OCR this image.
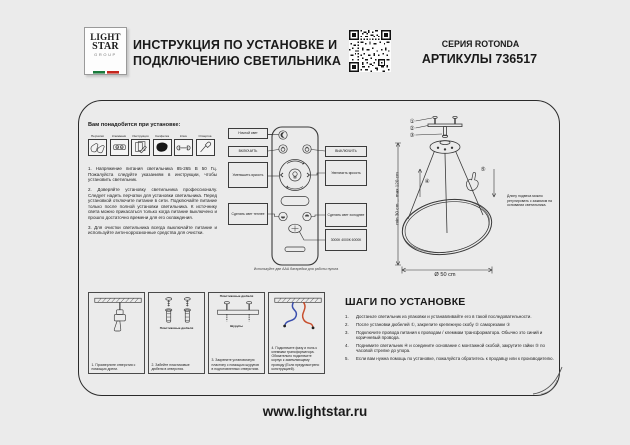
LIGHT
STAR
GROUP
ИНСТРУКЦИЯ ПО УСТАНОВКЕ И
ПОДКЛЮЧЕНИЮ СВЕТИЛЬНИКА
СЕРИЯ ROTONDA
АРТИКУЛЫ 736517
Вам понадобится при установке:
Перчатки	Клеммник	Инструкция	Салфетка	Ключ	Отвертка

1. Напряжение питания светильника 85-265 В 50 Гц. Пожалуйста следуйте указаниям в инструкции, чтобы установить светильник.

2. Доверяйте установку светильника профессионалу. Следует надеть перчатки для установки светильника. Перед установкой отключите питание в сети. Подключайте питание только после полной установки светильника. К источнику света можно прикасаться только когда питание выключено и прошло достаточно времени для его охлаждения.

3. Для очистки светильника всегда выключайте питание и используйте анти-коррозионные средства для очистки.

Ночной свет
ВКЛЮЧИТЬ
Уменьшить яркость
Сделать свет теплее
ВЫКЛЮЧИТЬ
Увеличить яркость
Сделать свет холоднее
3000К 4000К 6000К
Используйте две ААА батарейки для работы пульта
①
②
③
④
⑤
min 30 cm ... max 120 cm
Ø 50 cm
Длину подвеса можно регулировать с зажимом на основании светильника.
1. Просверлите отверстия с помощью дрели.
Пластиковые дюбеля
2. Забейте пластиковые дюбеля в отверстия.
Пластиковые дюбеля
Шурупы
3. Закрепите установочную пластину с помощью шурупов в подготовленных отверстиях.
4. Подключите фазу и ноль к клеммам трансформатора. Обязательно подключите корпус к заземляющему проводу (Если предусмотрено конструкцией).
ШАГИ ПО УСТАНОВКЕ
Достаньте светильник из упаковки и устанавливайте его в такой последовательности.
После установки дюбелей ①, закрепите крепежную скобу ② саморезами ③
Подключите провода питания к проводам / клеммам трансформатора. Обычно это синий и коричневый провода.
Поднимите светильник ④ и соедините основание с монтажной скобой, закрутите гайки ⑤ по часовой стрелке до упора.
Если вам нужна помощь по установке, пожалуйста обратитесь к продавцу или к производителю.
www.lightstar.ru
